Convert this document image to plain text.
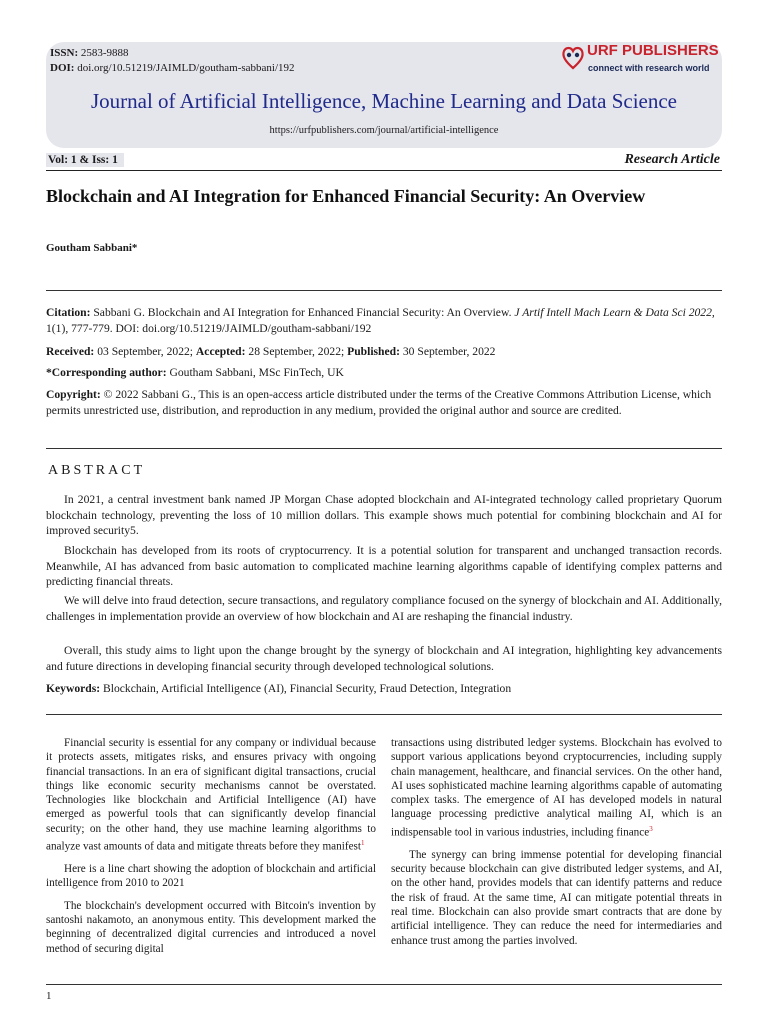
ISSN: 2583-9888
DOI: doi.org/10.51219/JAIMLD/goutham-sabbani/192
URF PUBLISHERS
connect with research world
Journal of Artificial Intelligence, Machine Learning and Data Science
https://urfpublishers.com/journal/artificial-intelligence
Vol: 1 & Iss: 1	Research Article
Blockchain and AI Integration for Enhanced Financial Security: An Overview
Goutham Sabbani*
Citation: Sabbani G. Blockchain and AI Integration for Enhanced Financial Security: An Overview. J Artif Intell Mach Learn & Data Sci 2022, 1(1), 777-779. DOI: doi.org/10.51219/JAIMLD/goutham-sabbani/192
Received: 03 September, 2022; Accepted: 28 September, 2022; Published: 30 September, 2022
*Corresponding author: Goutham Sabbani, MSc FinTech, UK
Copyright: © 2022 Sabbani G., This is an open-access article distributed under the terms of the Creative Commons Attribution License, which permits unrestricted use, distribution, and reproduction in any medium, provided the original author and source are credited.
ABSTRACT
In 2021, a central investment bank named JP Morgan Chase adopted blockchain and AI-integrated technology called proprietary Quorum blockchain technology, preventing the loss of 10 million dollars. This example shows much potential for combining blockchain and AI for improved security5.
Blockchain has developed from its roots of cryptocurrency. It is a potential solution for transparent and unchanged transaction records. Meanwhile, AI has advanced from basic automation to complicated machine learning algorithms capable of identifying complex patterns and predicting financial threats.
We will delve into fraud detection, secure transactions, and regulatory compliance focused on the synergy of blockchain and AI. Additionally, challenges in implementation provide an overview of how blockchain and AI are reshaping the financial industry.
Overall, this study aims to light upon the change brought by the synergy of blockchain and AI integration, highlighting key advancements and future directions in developing financial security through developed technological solutions.
Keywords: Blockchain, Artificial Intelligence (AI), Financial Security, Fraud Detection, Integration

Financial security is essential for any company or individual because it protects assets, mitigates risks, and ensures privacy with ongoing financial transactions. In an era of significant digital transactions, crucial things like economic security mechanisms cannot be overstated. Technologies like blockchain and Artificial Intelligence (AI) have emerged as powerful tools that can significantly develop financial security; on the other hand, they use machine learning algorithms to analyze vast amounts of data and mitigate threats before they manifest$^1$

Here is a line chart showing the adoption of blockchain and artificial intelligence from 2010 to 2021

The blockchain's development occurred with Bitcoin's invention by santoshi nakamoto, an anonymous entity. This development marked the beginning of decentralized digital currencies and introduced a novel method of securing digital

transactions using distributed ledger systems. Blockchain has evolved to support various applications beyond cryptocurrencies, including supply chain management, healthcare, and financial services. On the other hand, AI uses sophisticated machine learning algorithms capable of automating complex tasks. The emergence of AI has developed models in natural language processing predictive analytical mailing AI, which is an indispensable tool in various industries, including finance$^3$

The synergy can bring immense potential for developing financial security because blockchain can give distributed ledger systems, and AI, on the other hand, provides models that can identify patterns and reduce the risk of fraud. At the same time, AI can mitigate potential threats in real time. Blockchain can also provide smart contracts that are done by artificial intelligence. They can reduce the need for intermediaries and enhance trust among the parties involved.

1
